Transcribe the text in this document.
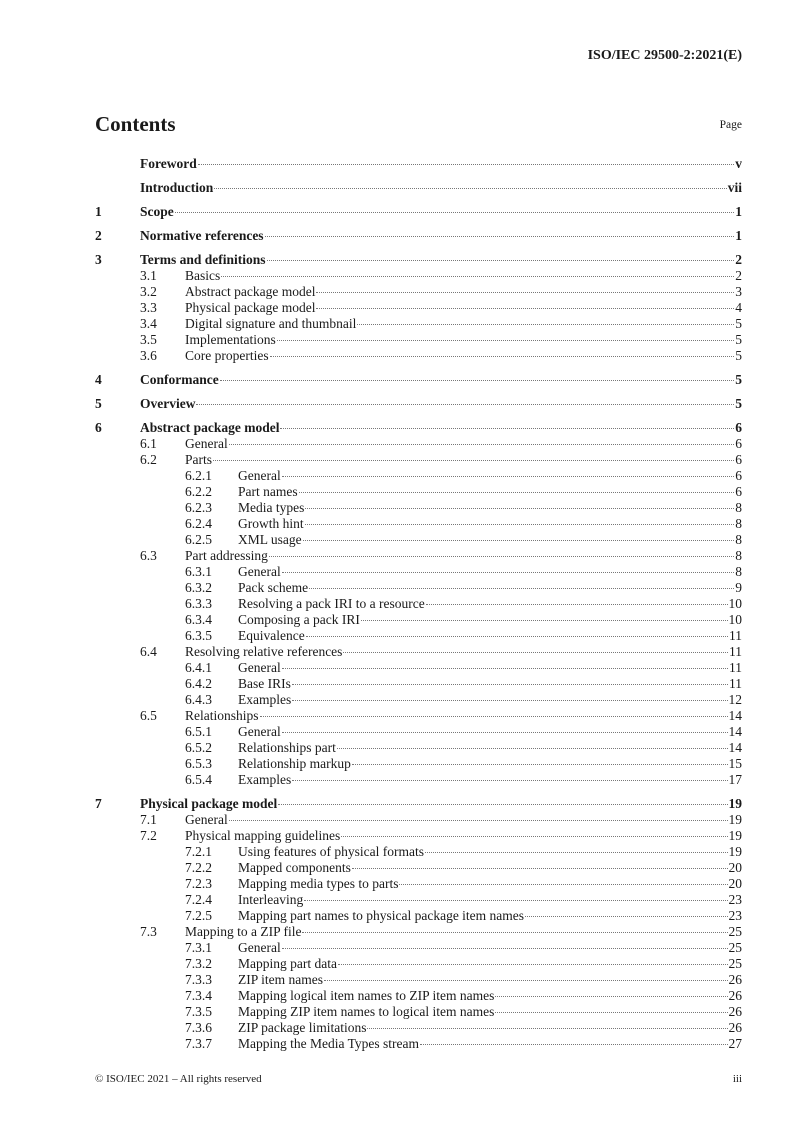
ISO/IEC 29500-2:2021(E)
Contents	Page
Foreword	v
Introduction	vii
1	Scope	1
2	Normative references	1
3	Terms and definitions	2
3.1	Basics	2
3.2	Abstract package model	3
3.3	Physical package model	4
3.4	Digital signature and thumbnail	5
3.5	Implementations	5
3.6	Core properties	5
4	Conformance	5
5	Overview	5
6	Abstract package model	6
6.1	General	6
6.2	Parts	6
6.2.1	General	6
6.2.2	Part names	6
6.2.3	Media types	8
6.2.4	Growth hint	8
6.2.5	XML usage	8
6.3	Part addressing	8
6.3.1	General	8
6.3.2	Pack scheme	9
6.3.3	Resolving a pack IRI to a resource	10
6.3.4	Composing a pack IRI	10
6.3.5	Equivalence	11
6.4	Resolving relative references	11
6.4.1	General	11
6.4.2	Base IRIs	11
6.4.3	Examples	12
6.5	Relationships	14
6.5.1	General	14
6.5.2	Relationships part	14
6.5.3	Relationship markup	15
6.5.4	Examples	17
7	Physical package model	19
7.1	General	19
7.2	Physical mapping guidelines	19
7.2.1	Using features of physical formats	19
7.2.2	Mapped components	20
7.2.3	Mapping media types to parts	20
7.2.4	Interleaving	23
7.2.5	Mapping part names to physical package item names	23
7.3	Mapping to a ZIP file	25
7.3.1	General	25
7.3.2	Mapping part data	25
7.3.3	ZIP item names	26
7.3.4	Mapping logical item names to ZIP item names	26
7.3.5	Mapping ZIP item names to logical item names	26
7.3.6	ZIP package limitations	26
7.3.7	Mapping the Media Types stream	27
© ISO/IEC 2021 – All rights reserved	iii
